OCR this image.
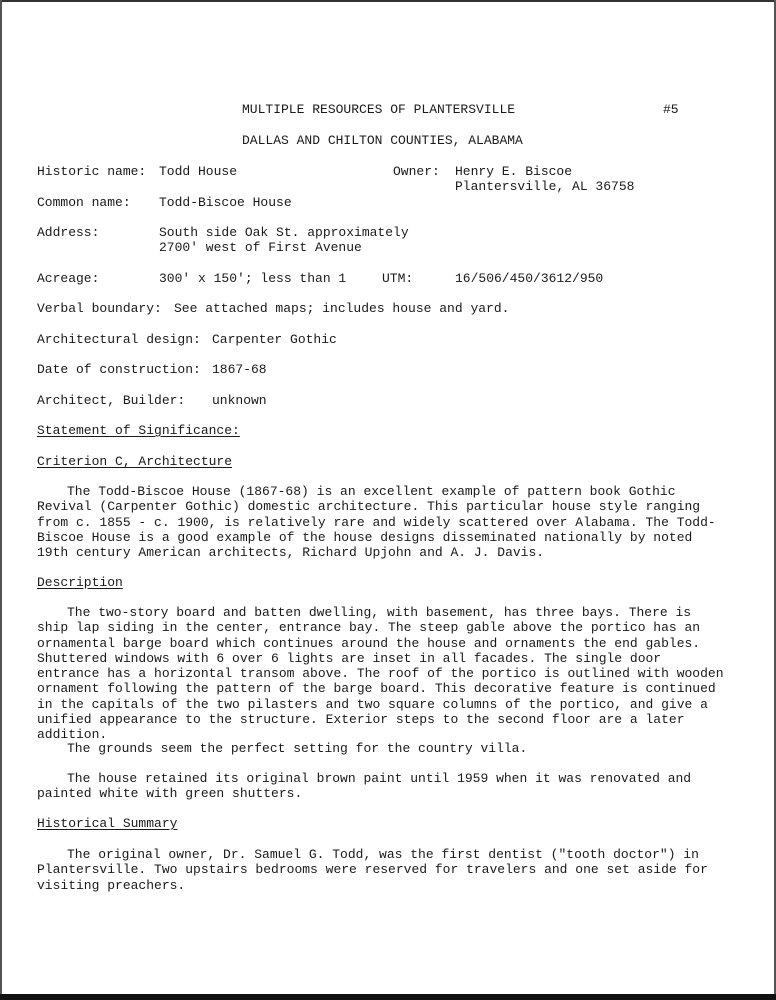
MULTIPLE RESOURCES OF PLANTERSVILLE	#5
DALLAS AND CHILTON COUNTIES, ALABAMA
Historic name: Todd House	Owner: Henry E. Biscoe
Plantersville, AL 36758
Common name: Todd-Biscoe House
Address:	South side Oak St. approximately
2700' west of First Avenue
Acreage:	300' x 150'; less than 1	UTM:	16/506/450/3612/950
Verbal boundary: See attached maps; includes house and yard.
Architectural design: Carpenter Gothic
Date of construction: 1867-68
Architect, Builder: unknown
Statement of Significance:
Criterion C, Architecture

The Todd-Biscoe House (1867-68) is an excellent example of pattern book Gothic Revival (Carpenter Gothic) domestic architecture. This particular house style ranging from c. 1855 - c. 1900, is relatively rare and widely scattered over Alabama. The Todd-Biscoe House is a good example of the house designs disseminated nationally by noted 19th century American architects, Richard Upjohn and A. J. Davis.

Description

The two-story board and batten dwelling, with basement, has three bays. There is ship lap siding in the center, entrance bay. The steep gable above the portico has an ornamental barge board which continues around the house and ornaments the end gables. Shuttered windows with 6 over 6 lights are inset in all facades. The single door entrance has a horizontal transom above. The roof of the portico is outlined with wooden ornament following the pattern of the barge board. This decorative feature is continued in the capitals of the two pilasters and two square columns of the portico, and give a unified appearance to the structure. Exterior steps to the second floor are a later addition.

The grounds seem the perfect setting for the country villa.

The house retained its original brown paint until 1959 when it was renovated and painted white with green shutters.

Historical Summary

The original owner, Dr. Samuel G. Todd, was the first dentist ("tooth doctor") in Plantersville. Two upstairs bedrooms were reserved for travelers and one set aside for visiting preachers.
